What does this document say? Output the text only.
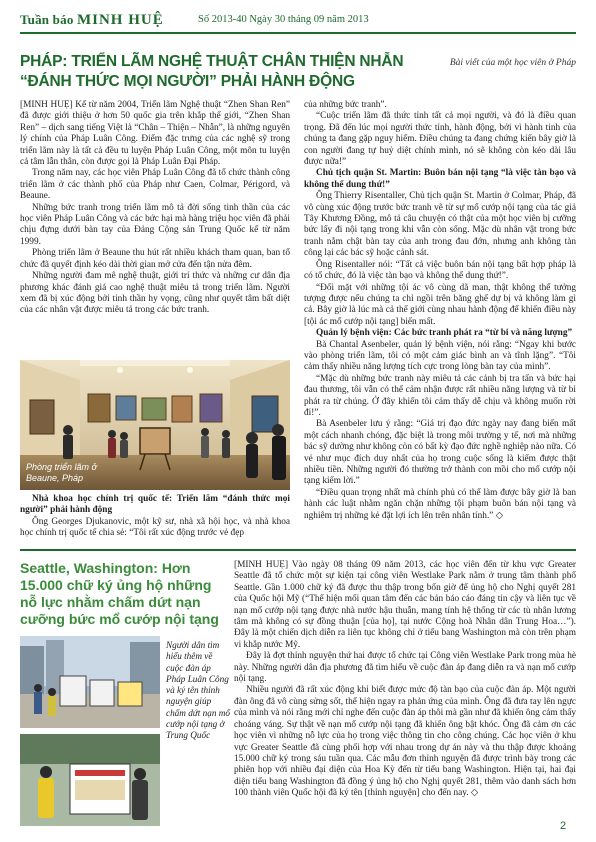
Tuần báo MINH HUỆ	Số 2013-40 Ngày 30 tháng 09 năm 2013
PHÁP: TRIỂN LÃM NGHỆ THUẬT CHÂN THIỆN NHẪN “ĐÁNH THỨC MỌI NGƯỜI” PHẢI HÀNH ĐỘNG
Bài viết của một học viên ở Pháp

[MINH HUỆ] Kể từ năm 2004, Triển lãm Nghệ thuật “Zhen Shan Ren” đã được giới thiệu ở hơn 50 quốc gia trên khắp thế giới, “Zhen Shan Ren” – dịch sang tiếng Việt là “Chân – Thiện – Nhẫn”, là những nguyên lý chính của Pháp Luân Công. Điểm đặc trưng của các nghệ sỹ trong triển lãm này là tất cả đều tu luyện Pháp Luân Công, một môn tu luyện cả tâm lẫn thân, còn được gọi là Pháp Luân Đại Pháp.

Trong năm nay, các học viên Pháp Luân Công đã tổ chức thành công triển lãm ở các thành phố của Pháp như Caen, Colmar, Périgord, và Beaune.

Những bức tranh trong triển lãm mô tả đời sống tinh thần của các học viên Pháp Luân Công và các bức hại mà hàng triệu học viên đã phải chịu đựng dưới bàn tay của Đảng Cộng sản Trung Quốc kể từ năm 1999.

Phòng triển lãm ở Beaune thu hút rất nhiều khách tham quan, ban tổ chức đã quyết định kéo dài thời gian mở cửa đến tận nửa đêm.

Những người đam mê nghệ thuật, giới trí thức và những cư dân địa phương khác đánh giá cao nghệ thuật miêu tả trong triển lãm. Người xem đã bị xúc động bởi tinh thần hy vọng, cũng như quyết tâm bất diệt của các nhân vật được miêu tả trong các bức tranh.

Phòng triển lãm ở Beaune, Pháp

Nhà khoa học chính trị quốc tế: Triển lãm “đánh thức mọi người” phải hành động

Ông Georges Djukanovic, một kỹ sư, nhà xã hội học, và nhà khoa học chính trị quốc tế chia sẻ: “Tôi rất xúc động trước vẻ đẹp

của những bức tranh”.

“Cuộc triển lãm đã thức tỉnh tất cả mọi người, và đó là điều quan trọng. Đã đến lúc mọi người thức tỉnh, hành động, bởi vì hành tinh của chúng ta đang gặp nguy hiểm. Điều chúng ta đang chứng kiến bây giờ là con người đang tự huỷ diệt chính mình, nó sẽ không còn kéo dài lâu được nữa!”

Chủ tịch quận St. Martin: Buôn bán nội tạng “là việc tàn bạo và không thể dung thứ!”

Ông Thierry Risentaller, Chủ tịch quận St. Martin ở Colmar, Pháp, đã vô cùng xúc động trước bức tranh vẽ từ sự mổ cướp nội tạng của tác giả Tây Khương Đồng, mô tả câu chuyện có thật của một học viên bị cưỡng bức lấy đi nội tạng trong khi vẫn còn sống. Mặc dù nhân vật trong bức tranh nằm chật bàn tay của anh trong đau đớn, nhưng anh không tàn công lại các bác sỹ hoặc cảnh sát.

Ông Risentaller nói: “Tất cả việc buôn bán nội tạng bất hợp pháp là có tổ chức, đó là việc tàn bạo và không thể dung thứ!”.

“Đối mặt với những tội ác vô cùng dã man, thật không thể tưởng tượng được nếu chúng ta chỉ ngồi trên băng ghế dự bị và không làm gì cả. Bây giờ là lúc mà cả thế giới cùng nhau hành động để khiến điều này [tội ác mổ cướp nội tạng] biến mất.

Quản lý bệnh viện: Các bức tranh phát ra “từ bi và năng lượng”

Bà Chantal Asenbeler, quản lý bệnh viện, nói rằng: “Ngay khi bước vào phòng triển lãm, tôi có một cảm giác bình an và tĩnh lặng”. “Tôi cảm thấy nhiều năng lượng tích cực trong lòng bàn tay của mình”.

“Mặc dù những bức tranh này miêu tả các cảnh bị tra tấn và bức hại đau thương, tôi vẫn có thể cảm nhận được rất nhiều năng lượng và từ bi phát ra từ chúng. Ở đây khiến tôi cảm thấy dễ chịu và không muốn rời đi!”.

Bà Asenbeler lưu ý rằng: “Giá trị đạo đức ngày nay đang biến mất một cách nhanh chóng, đặc biệt là trong môi trường y tế, nơi mà những bác sỹ dường như không còn có bất kỳ đạo đức nghề nghiệp nào nữa. Có vẻ như mục đích duy nhất của họ trong cuộc sống là kiếm được thật nhiều tiền. Những người đó thường trở thành con mồi cho mổ cướp nội tạng kiếm lời.”

“Điều quan trọng nhất mà chính phủ có thể làm được bây giờ là ban hành các luật nhằm ngăn chặn những tội phạm buôn bán nội tạng và nghiêm trị những kẻ đặt lợi ích lên trên nhân tính.” ◇

Seattle, Washington: Hơn 15.000 chữ ký ủng hộ những nỗ lực nhằm chấm dứt nạn cưỡng bức mổ cướp nội tạng
Người dân tìm hiểu thêm về cuộc đàn áp Pháp Luân Công và ký tên thỉnh nguyện giúp chấm dứt nạn mổ cướp nội tạng ở Trung Quốc

[MINH HUỆ] Vào ngày 08 tháng 09 năm 2013, các học viên đến từ khu vực Greater Seattle đã tổ chức một sự kiện tại công viên Westlake Park nằm ở trung tâm thành phố Seattle. Gần 1.000 chữ ký đã được thu thập trong bốn giờ để ủng hộ cho Nghị quyết 281 của Quốc hội Mỹ (“Thể hiện mối quan tâm đến các bản báo cáo đáng tin cậy và liên tục về nạn mổ cướp nội tạng được nhà nước hậu thuẫn, mang tính hệ thống từ các tù nhân lương tâm mà không có sự đồng thuận [của họ], tại nước Cộng hoà Nhân dân Trung Hoa…”). Đây là một chiến dịch diễn ra liên tục không chỉ ở tiểu bang Washington mà còn trên phạm vi khắp nước Mỹ.

Đây là đợt thỉnh nguyện thứ hai được tổ chức tại Công viên Westlake Park trong mùa hè này. Những người dân địa phương đã tìm hiểu về cuộc đàn áp đang diễn ra và nạn mổ cướp nội tạng.

Nhiều người đã rất xúc động khi biết được mức độ tàn bạo của cuộc đàn áp. Một người đàn ông đã vô cùng sửng sốt, thể hiện ngay ra phản ứng của mình. Ông đã đưa tay lên ngực của mình và nói rằng mới chỉ nghe đến cuộc đàn áp thôi mà gần như đã khiến ông cảm thấy choáng váng. Sự thật về nạn mổ cướp nội tạng đã khiến ông bật khóc. Ông đã cảm ơn các học viên vì những nỗ lực của họ trong việc thông tin cho công chúng. Các học viên ở khu vực Greater Seattle đã cùng phối hợp với nhau trong dự án này và thu thập được khoảng 15.000 chữ ký trong sáu tuần qua. Các mẫu đơn thỉnh nguyện đã được trình bày trong các phiên họp với nhiều đại diện của Hoa Kỳ đến từ tiểu bang Washington. Hiện tại, hai đại diện tiểu bang Washington đã đồng ý ủng hộ cho Nghị quyết 281, thêm vào danh sách hơn 100 thành viên Quốc hội đã ký tên [thỉnh nguyện] cho đến nay. ◇

2
